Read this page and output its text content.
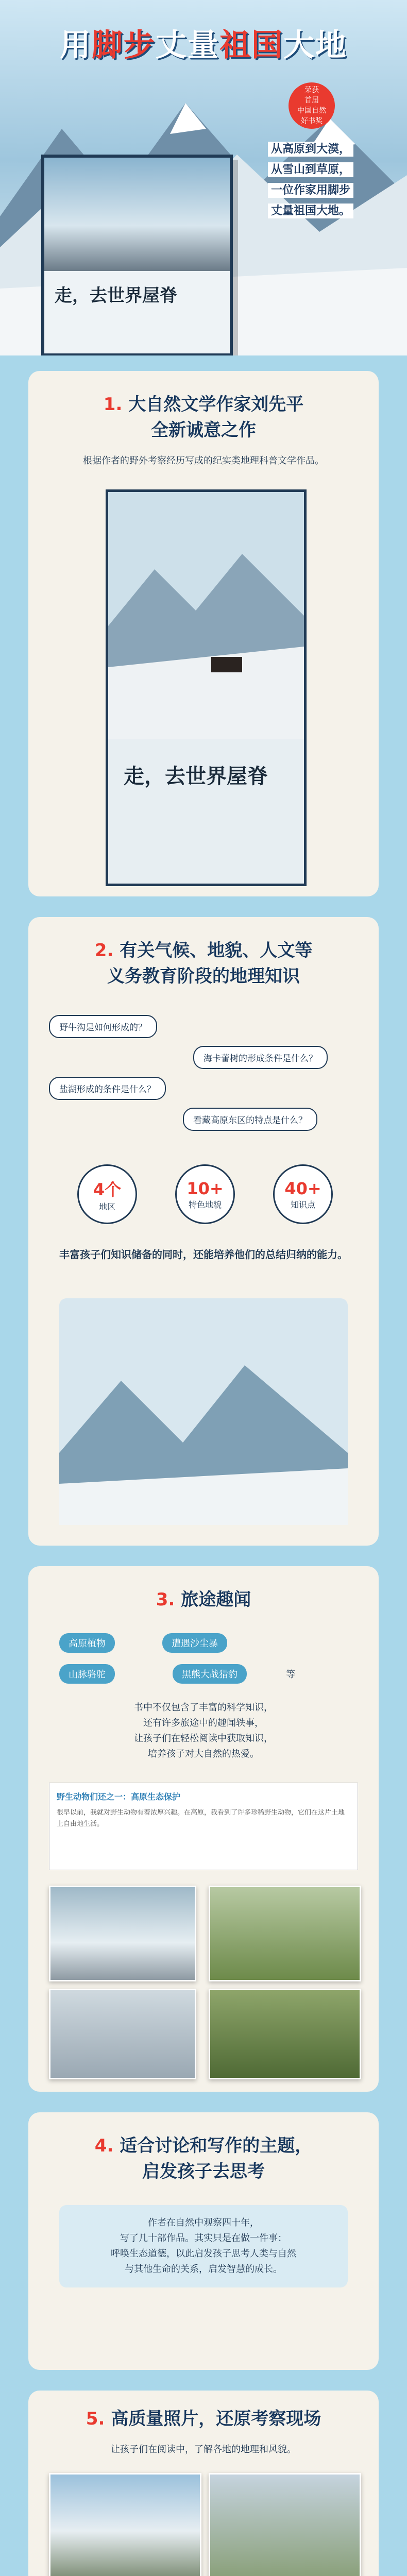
用脚步丈量祖国大地
荣获
首届
中国自然
好书奖
从高原到大漠，
从雪山到草原，
一位作家用脚步
丈量祖国大地。
走，去世界屋脊
1. 大自然文学作家刘先平
全新诚意之作
根据作者的野外考察经历写成的纪实类地理科普文学作品。
走，去世界屋脊
2. 有关气候、地貌、人文等
义务教育阶段的地理知识
野牛沟是如何形成的？
海卡蕾树的形成条件是什么？
盐湖形成的条件是什么？
看藏高原东区的特点是什么？
4个
地区
10+
特色地貌
40+
知识点
丰富孩子们知识储备的同时，还能培养他们的总结归纳的能力。
3. 旅途趣闻
高原植物	遭遇沙尘暴
山脉骆驼	黑熊大战猎豹	等
书中不仅包含了丰富的科学知识，
还有许多旅途中的趣闻轶事，
让孩子们在轻松阅读中获取知识，
培养孩子对大自然的热爱。
野生动物们还之一：高原生态保护
很早以前，我就对野生动物有着浓厚兴趣。在高原，我看到了许多珍稀野生动物，它们在这片土地上自由地生活。
4. 适合讨论和写作的主题，
启发孩子去思考
作者在自然中观察四十年，
写了几十部作品。其实只是在做一件事：
呼唤生态道德，以此启发孩子思考人类与自然
与其他生命的关系，启发智慧的成长。
5. 高质量照片，还原考察现场
让孩子们在阅读中，了解各地的地理和风貌。
